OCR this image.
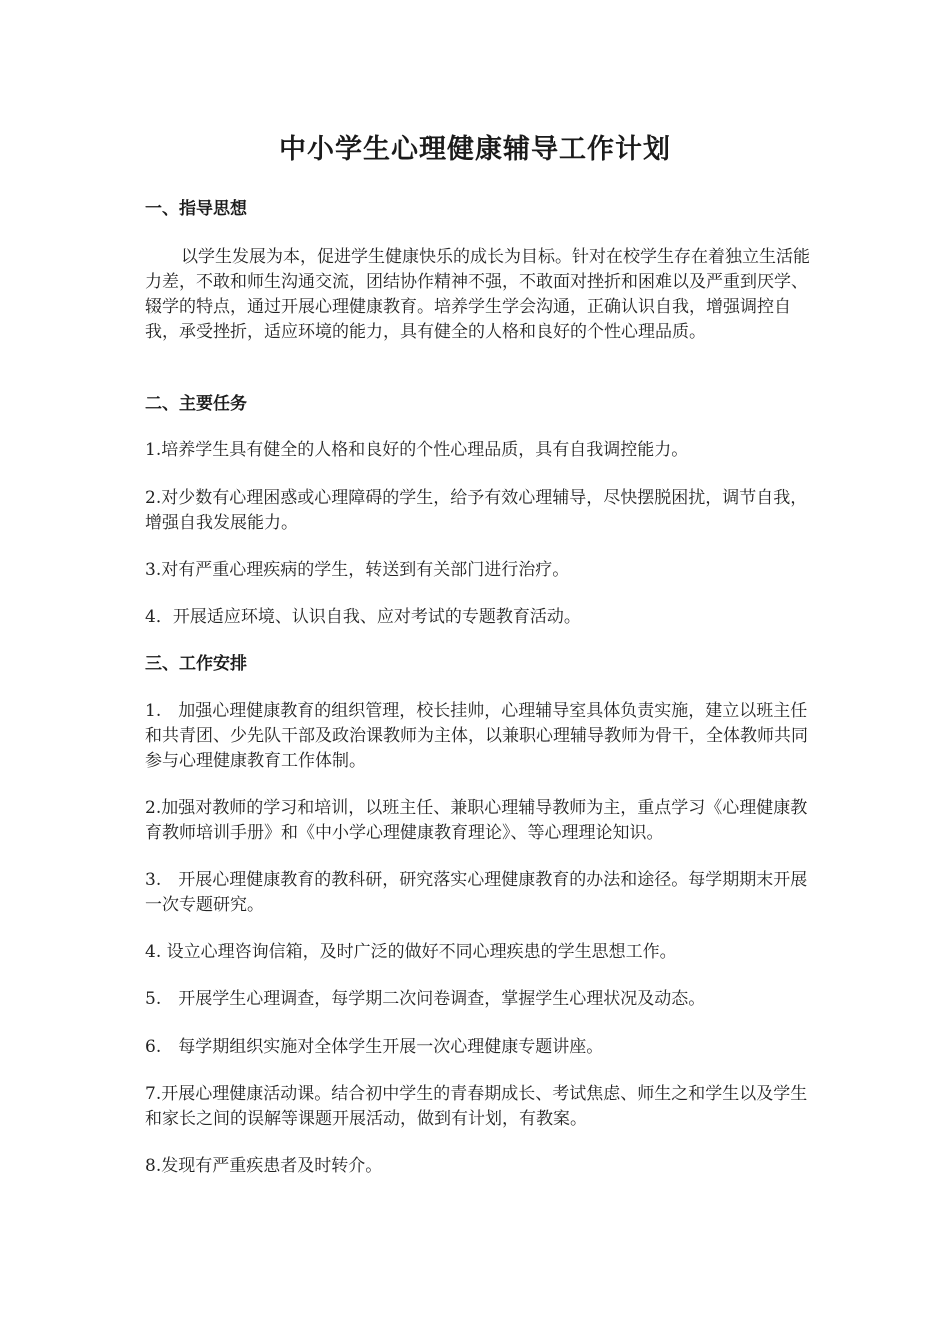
中小学生心理健康辅导工作计划
一、指导思想

以学生发展为本，促进学生健康快乐的成长为目标。针对在校学生存在着独立生活能力差，不敢和师生沟通交流，团结协作精神不强，不敢面对挫折和困难以及严重到厌学、辍学的特点，通过开展心理健康教育。培养学生学会沟通，正确认识自我，增强调控自我，承受挫折，适应环境的能力，具有健全的人格和良好的个性心理品质。

二、主要任务

1.培养学生具有健全的人格和良好的个性心理品质，具有自我调控能力。

2.对少数有心理困惑或心理障碍的学生，给予有效心理辅导，尽快摆脱困扰，调节自我，增强自我发展能力。

3.对有严重心理疾病的学生，转送到有关部门进行治疗。

4．开展适应环境、认识自我、应对考试的专题教育活动。

三、工作安排

1.　加强心理健康教育的组织管理，校长挂帅，心理辅导室具体负责实施，建立以班主任和共青团、少先队干部及政治课教师为主体，以兼职心理辅导教师为骨干，全体教师共同参与心理健康教育工作体制。

2.加强对教师的学习和培训，以班主任、兼职心理辅导教师为主，重点学习《心理健康教育教师培训手册》和《中小学心理健康教育理论》、等心理理论知识。

3.　开展心理健康教育的教科研，研究落实心理健康教育的办法和途径。每学期期末开展一次专题研究。

4. 设立心理咨询信箱，及时广泛的做好不同心理疾患的学生思想工作。

5.　开展学生心理调查，每学期二次问卷调查，掌握学生心理状况及动态。

6.　每学期组织实施对全体学生开展一次心理健康专题讲座。

7.开展心理健康活动课。结合初中学生的青春期成长、考试焦虑、师生之和学生以及学生和家长之间的误解等课题开展活动，做到有计划，有教案。

8.发现有严重疾患者及时转介。
